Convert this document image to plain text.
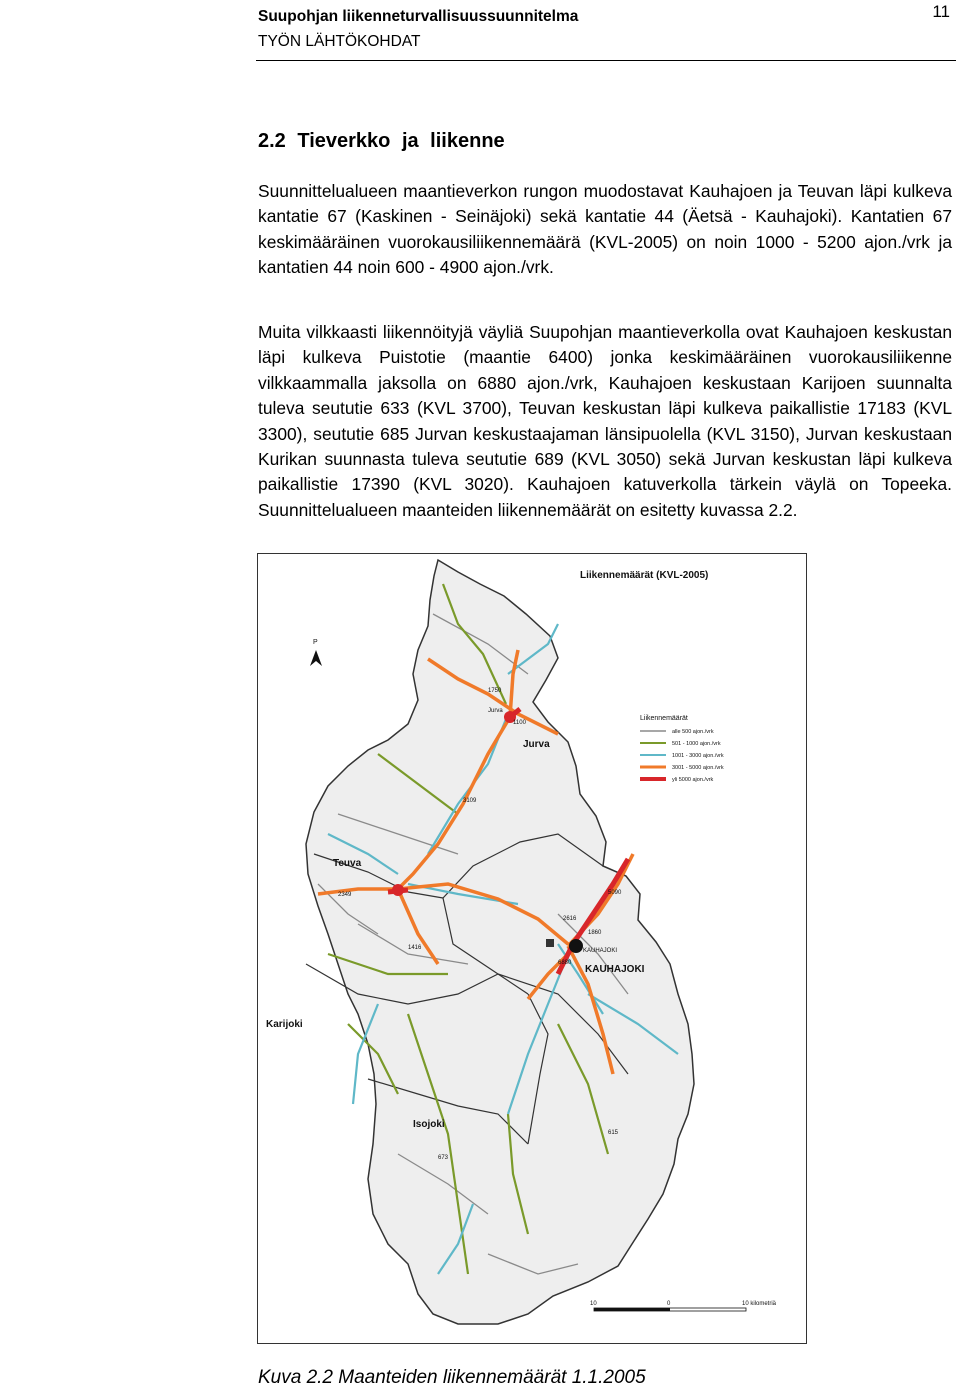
Suupohjan liikenneturvallisuussuunnitelma
TYÖN LÄHTÖKOHDAT
11
2.2 Tieverkko ja liikenne

Suunnittelualueen maantieverkon rungon muodostavat Kauhajoen ja Teuvan läpi kulkeva kantatie 67 (Kaskinen - Seinäjoki) sekä kantatie 44 (Äetsä - Kauhajoki). Kantatien 67 keskimääräinen vuorokausiliikennemäärä (KVL-2005) on noin 1000 - 5200 ajon./vrk ja kantatien 44 noin 600 - 4900 ajon./vrk.

Muita vilkkaasti liikennöityjä väyliä Suupohjan maantieverkolla ovat Kauhajoen keskustan läpi kulkeva Puistotie (maantie 6400) jonka keskimääräinen vuorokausiliikenne vilkkaammalla jaksolla on 6880 ajon./vrk, Kauhajoen keskustaan Karijoen suunnalta tuleva seututie 633 (KVL 3700), Teuvan keskustan läpi kulkeva paikallistie 17183 (KVL 3300), seututie 685 Jurvan keskustaajaman länsipuolella (KVL 3150), Jurvan keskustaan Kurikan suunnasta tuleva seututie 689 (KVL 3050) sekä Jurvan keskustan läpi kulkeva paikallistie 17390 (KVL 3020). Kauhajoen katuverkolla tärkein väylä on Topeeka. Suunnittelualueen maanteiden liikennemäärät on esitetty kuvassa 2.2.

Liikennemäärät (KVL-2005)
P
Liikennemäärät
alle 500 ajon./vrk
501 - 1000 ajon./vrk
1001 - 3000 ajon./vrk
3001 - 5000 ajon./vrk
yli 5000 ajon./vrk
Jurva
Jurva
Teuva
KAUHAJOKI
KAUHAJOKI
Karijoki
Isojoki
1100
2616
1860
2349
1416
3109
1750
615
673
6880
5090
10	0	10 kilometriä
Kuva 2.2 Maanteiden liikennemäärät 1.1.2005
